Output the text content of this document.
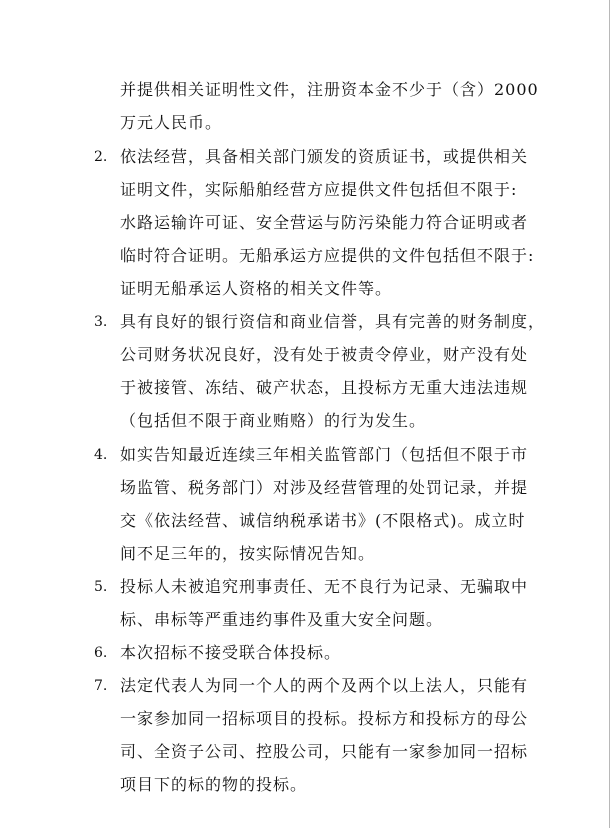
并提供相关证明性文件，注册资本金不少于（含）2000
万元人民币。
2. 依法经营，具备相关部门颁发的资质证书，或提供相关
证明文件，实际船舶经营方应提供文件包括但不限于:
水路运输许可证、安全营运与防污染能力符合证明或者
临时符合证明。无船承运方应提供的文件包括但不限于:
证明无船承运人资格的相关文件等。
3. 具有良好的银行资信和商业信誉，具有完善的财务制度，
公司财务状况良好，没有处于被责令停业，财产没有处
于被接管、冻结、破产状态，且投标方无重大违法违规
（包括但不限于商业贿赂）的行为发生。
4. 如实告知最近连续三年相关监管部门（包括但不限于市
场监管、税务部门）对涉及经营管理的处罚记录，并提
交《依法经营、诚信纳税承诺书》(不限格式)。成立时
间不足三年的，按实际情况告知。
5. 投标人未被追究刑事责任、无不良行为记录、无骗取中
标、串标等严重违约事件及重大安全问题。
6. 本次招标不接受联合体投标。
7. 法定代表人为同一个人的两个及两个以上法人，只能有
一家参加同一招标项目的投标。投标方和投标方的母公
司、全资子公司、控股公司，只能有一家参加同一招标
项目下的标的物的投标。
